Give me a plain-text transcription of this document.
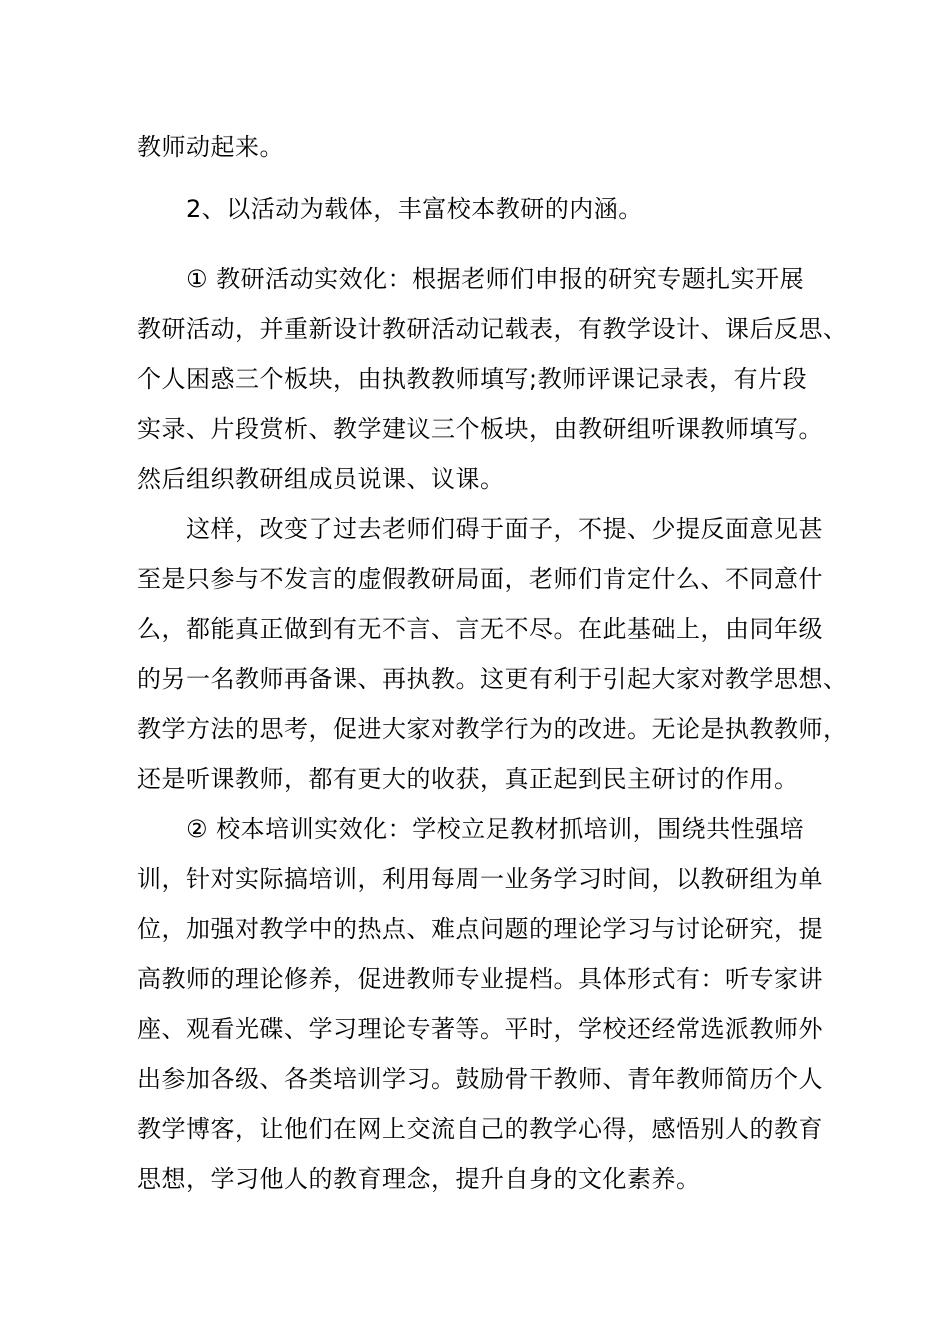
教师动起来。
2、以活动为载体，丰富校本教研的内涵。
① 教研活动实效化：根据老师们申报的研究专题扎实开展
教研活动，并重新设计教研活动记载表，有教学设计、课后反思、
个人困惑三个板块，由执教教师填写;教师评课记录表，有片段
实录、片段赏析、教学建议三个板块，由教研组听课教师填写。
然后组织教研组成员说课、议课。
这样，改变了过去老师们碍于面子，不提、少提反面意见甚
至是只参与不发言的虚假教研局面，老师们肯定什么、不同意什
么，都能真正做到有无不言、言无不尽。在此基础上，由同年级
的另一名教师再备课、再执教。这更有利于引起大家对教学思想、
教学方法的思考，促进大家对教学行为的改进。无论是执教教师，
还是听课教师，都有更大的收获，真正起到民主研讨的作用。
② 校本培训实效化：学校立足教材抓培训，围绕共性强培
训，针对实际搞培训，利用每周一业务学习时间，以教研组为单
位，加强对教学中的热点、难点问题的理论学习与讨论研究，提
高教师的理论修养，促进教师专业提档。具体形式有：听专家讲
座、观看光碟、学习理论专著等。平时，学校还经常选派教师外
出参加各级、各类培训学习。鼓励骨干教师、青年教师简历个人
教学博客，让他们在网上交流自己的教学心得，感悟别人的教育
思想，学习他人的教育理念，提升自身的文化素养。
